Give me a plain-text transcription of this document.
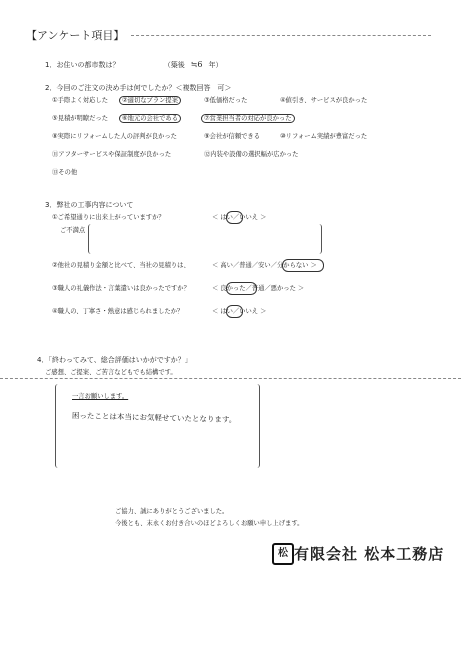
【アンケート項目】
1．お住いの都市数は？	（築後 ≒6 年）
2．今回のご注文の決め手は何でしたか？＜複数回答　可＞
①手際よく対応した ②適切なプラン提案	③低価格だった	④値引き、サービスが良かった
⑤見積が明瞭だった ⑥地元の会社である	⑦営業担当者の対応が良かった
⑧実際にリフォームした人の評判が良かった	⑨会社が信頼できる	⑩リフォーム実績が豊富だった
⑪アフターサービスや保証制度が良かった	⑫内装や設備の選択幅が広かった
⑬その他
3．弊社の工事内容について
①ご希望通りに出来上がっていますか？	＜ はい／いいえ ＞
ご不満点
②他社の見積り金額と比べて、当社の見積りは、	＜ 高い／普通／安い／分からない ＞
③職人の礼儀作法・言葉遣いは良かったですか？	＜ 良かった／普通／悪かった ＞
④職人の、丁寧さ・熱意は感じられましたか？	＜ はい／いいえ ＞
4．「終わってみて、総合評価はいかがですか？」
ご感想、ご提案、ご苦言などもでも結構です。
一言お願いします。
困ったことは本当にお気軽せていたとなります。
ご協力、誠にありがとうございました。
今後とも、末永くお付き合いのほどよろしくお願い申し上げます。
松 有限会社 松本工務店
